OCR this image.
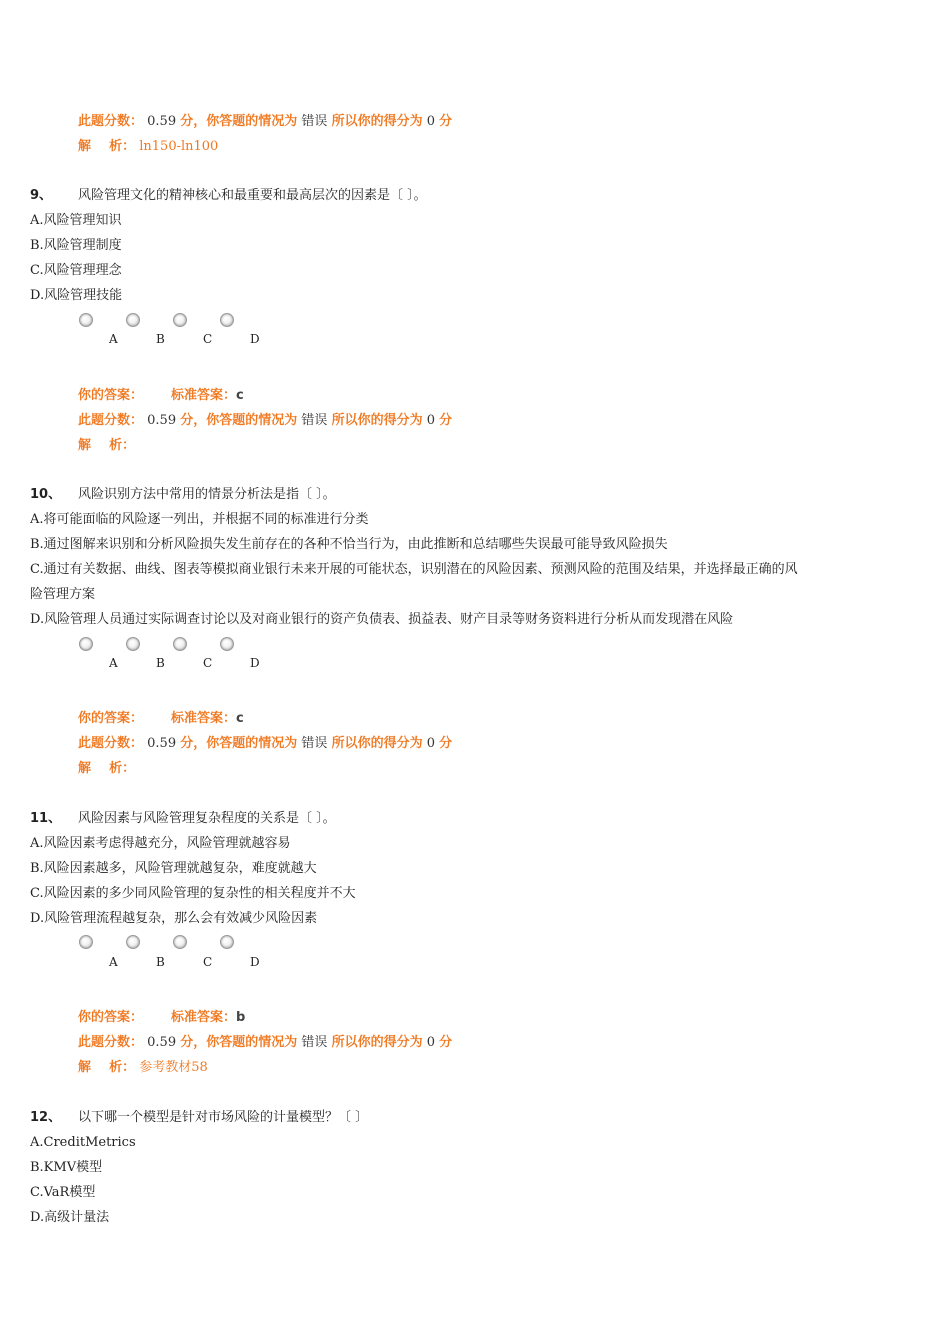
此题分数： 0.59 分，你答题的情况为 错误 所以你的得分为 0 分
解    析： ln150-ln100
9、 风险管理文化的精神核心和最重要和最高层次的因素是〔 〕。
A.风险管理知识
B.风险管理制度
C.风险管理理念
D.风险管理技能
A	B	C	D
你的答案： 标准答案：c
此题分数： 0.59 分，你答题的情况为 错误 所以你的得分为 0 分
解    析：
10、 风险识别方法中常用的情景分析法是指〔 〕。
A.将可能面临的风险逐一列出，并根据不同的标准进行分类
B.通过图解来识别和分析风险损失发生前存在的各种不恰当行为，由此推断和总结哪些失误最可能导致风险损失
C.通过有关数据、曲线、图表等模拟商业银行未来开展的可能状态，识别潜在的风险因素、预测风险的范围及结果，并选择最正确的风
险管理方案
D.风险管理人员通过实际调查讨论以及对商业银行的资产负债表、损益表、财产目录等财务资料进行分析从而发现潜在风险
A	B	C	D
你的答案： 标准答案：c
此题分数： 0.59 分，你答题的情况为 错误 所以你的得分为 0 分
解    析：
11、 风险因素与风险管理复杂程度的关系是〔 〕。
A.风险因素考虑得越充分，风险管理就越容易
B.风险因素越多，风险管理就越复杂，难度就越大
C.风险因素的多少同风险管理的复杂性的相关程度并不大
D.风险管理流程越复杂，那么会有效减少风险因素
A	B	C	D
你的答案： 标准答案：b
此题分数： 0.59 分，你答题的情况为 错误 所以你的得分为 0 分
解    析： 参考教材58
12、 以下哪一个模型是针对市场风险的计量模型？〔 〕
A.CreditMetrics
B.KMV模型
C.VaR模型
D.高级计量法
